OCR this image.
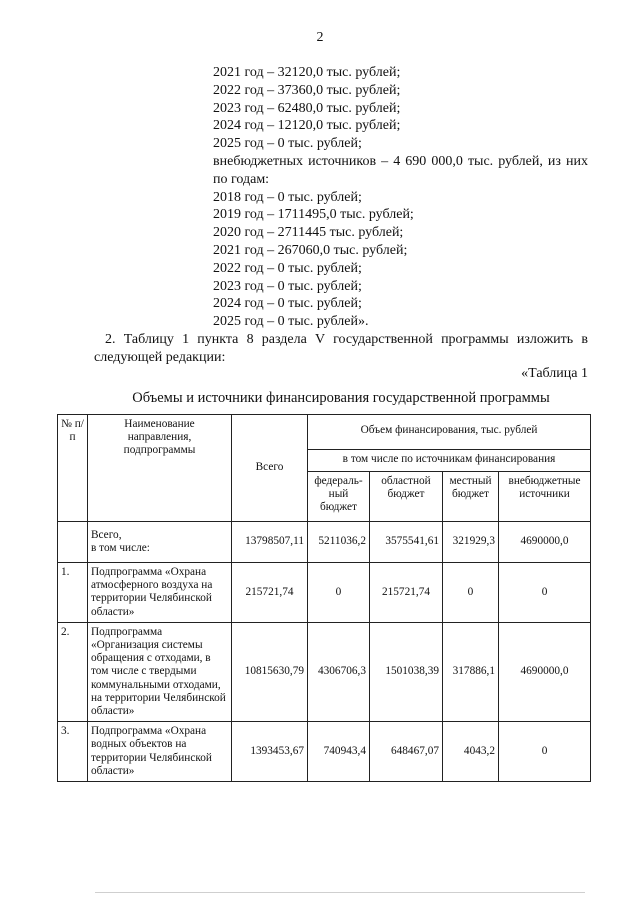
2
2021 год – 32120,0 тыс. рублей;
2022 год – 37360,0 тыс. рублей;
2023 год – 62480,0 тыс. рублей;
2024 год – 12120,0 тыс. рублей;
2025 год – 0 тыс. рублей;
внебюджетных источников – 4 690 000,0 тыс. рублей, из них по годам:
2018 год – 0 тыс. рублей;
2019 год – 1711495,0 тыс. рублей;
2020 год – 2711445 тыс. рублей;
2021 год – 267060,0 тыс. рублей;
2022 год – 0 тыс. рублей;
2023 год – 0 тыс. рублей;
2024 год – 0 тыс. рублей;
2025 год – 0 тыс. рублей».
2. Таблицу 1 пункта 8 раздела V государственной программы изложить в следующей редакции:
«Таблица 1
Объемы и источники финансирования государственной программы
№ п/п	Наименование направления, подпрограммы	Всего	Объем финансирования, тыс. рублей			
			в том числе по источникам финансирования			
			федераль-ный бюджет	областной бюджет	местный бюджет	внебюджетные источники
	Всего,
в том числе:	13798507,11	5211036,2	3575541,61	321929,3	4690000,0
1.	Подпрограмма «Охрана атмосферного воздуха на территории Челябинской области»	215721,74	0	215721,74	0	0
2.	Подпрограмма «Организация системы обращения с отходами, в том числе с твердыми коммунальными отходами, на территории Челябинской области»	10815630,79	4306706,3	1501038,39	317886,1	4690000,0
3.	Подпрограмма «Охрана водных объектов на территории Челябинской области»	1393453,67	740943,4	648467,07	4043,2	0
